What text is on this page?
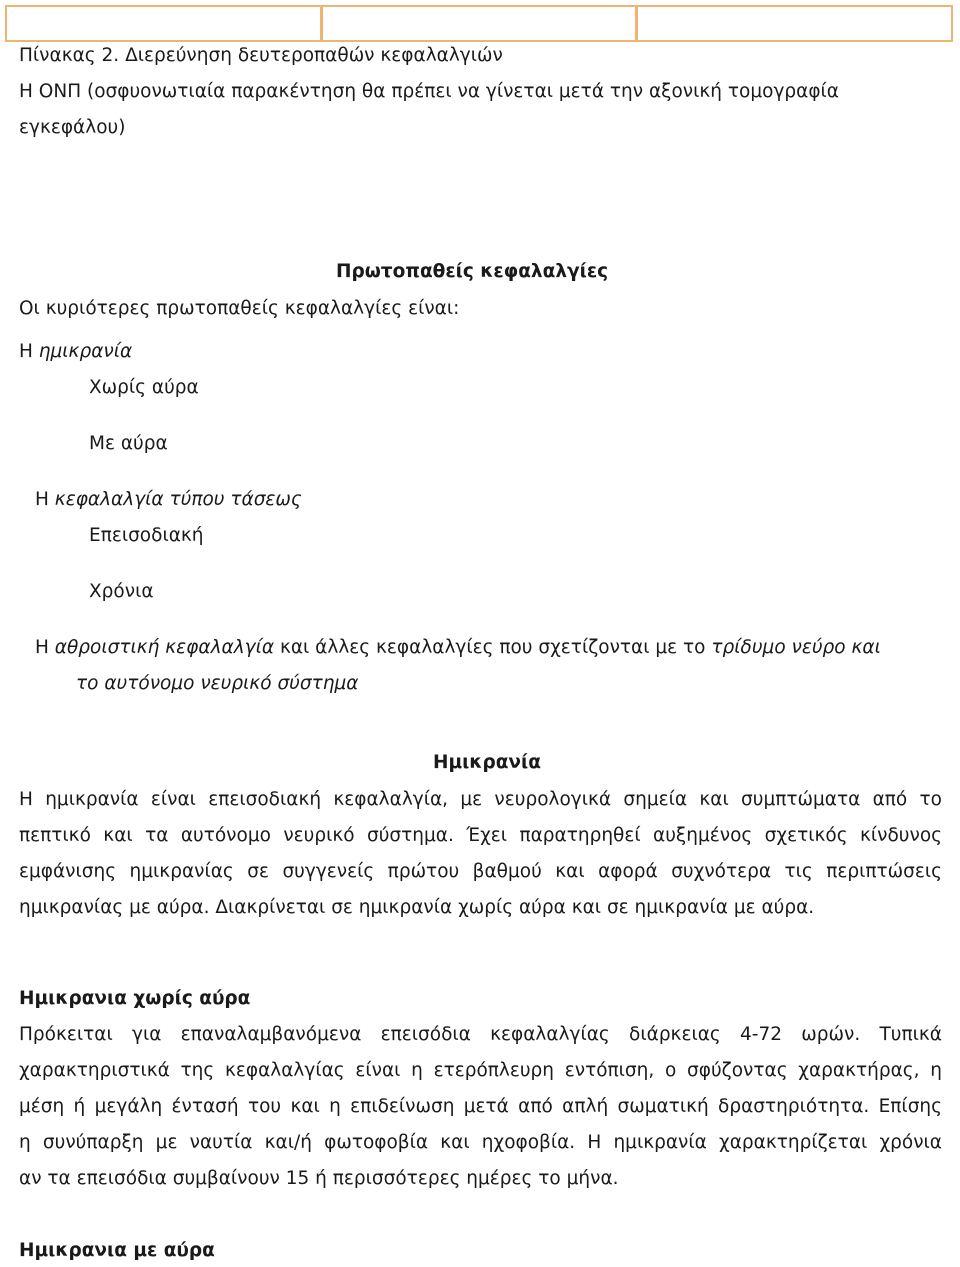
Πίνακας 2. Διερεύνηση δευτεροπαθών κεφαλαλγιών
Η ΟΝΠ (οσφυονωτιαία παρακέντηση θα πρέπει να γίνεται μετά την αξονική τομογραφία
εγκεφάλου)
Πρωτοπαθείς κεφαλαλγίες
Οι κυριότερες πρωτοπαθείς κεφαλαλγίες είναι:
Η ημικρανία
Χωρίς αύρα
Με αύρα
Η κεφαλαλγία τύπου τάσεως
Επεισοδιακή
Χρόνια
Η αθροιστική κεφαλαλγία και άλλες κεφαλαλγίες που σχετίζονται με το τρίδυμο νεύρο και
το αυτόνομο νευρικό σύστημα
Ημικρανία
Η ημικρανία είναι επεισοδιακή κεφαλαλγία, με νευρολογικά σημεία και συμπτώματα από το
πεπτικό και τα αυτόνομο νευρικό σύστημα. Έχει παρατηρηθεί αυξημένος σχετικός κίνδυνος
εμφάνισης ημικρανίας σε συγγενείς πρώτου βαθμού και αφορά συχνότερα τις περιπτώσεις
ημικρανίας με αύρα. Διακρίνεται σε ημικρανία χωρίς αύρα και σε ημικρανία με αύρα.
Ημικρανια χωρίς αύρα
Πρόκειται για επαναλαμβανόμενα επεισόδια κεφαλαλγίας διάρκειας 4-72 ωρών. Τυπικά
χαρακτηριστικά της κεφαλαλγίας είναι η ετερόπλευρη εντόπιση, ο σφύζοντας χαρακτήρας, η
μέση ή μεγάλη έντασή του και η επιδείνωση μετά από απλή σωματική δραστηριότητα. Επίσης
η συνύπαρξη με ναυτία και/ή φωτοφοβία και ηχοφοβία. Η ημικρανία χαρακτηρίζεται χρόνια
αν τα επεισόδια συμβαίνουν 15 ή περισσότερες ημέρες το μήνα.
Ημικρανια με αύρα
